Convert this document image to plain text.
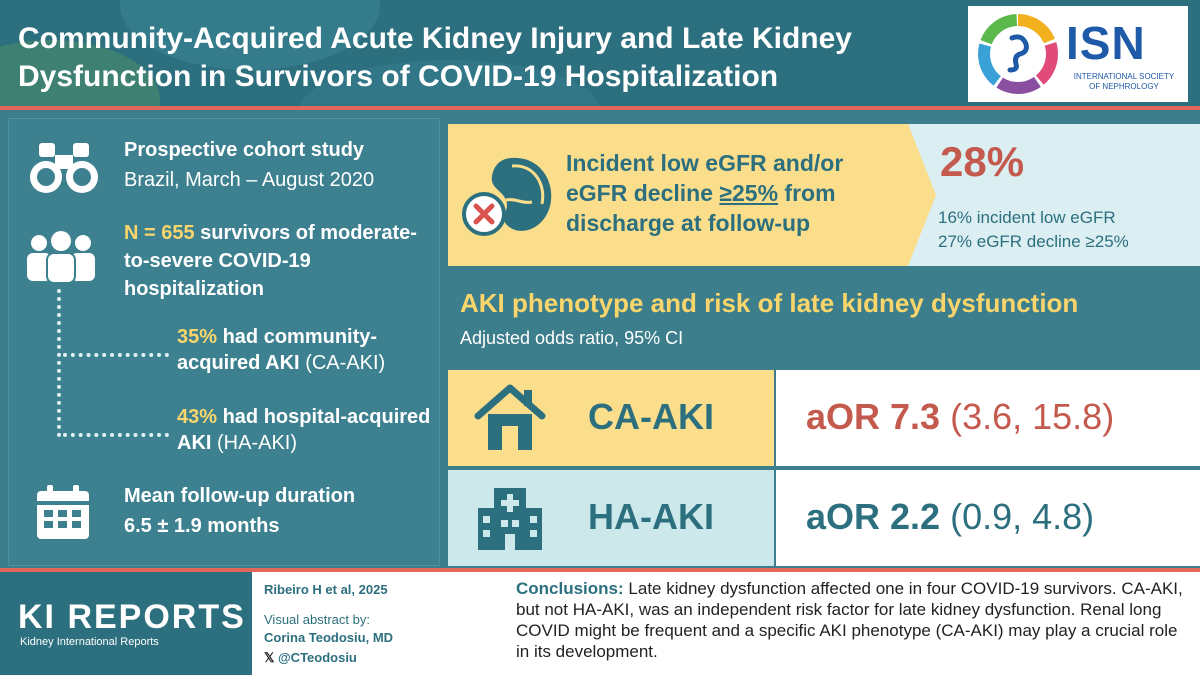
Community-Acquired Acute Kidney Injury and Late Kidney Dysfunction in Survivors of COVID-19 Hospitalization
ISN
INTERNATIONAL SOCIETY OF NEPHROLOGY
Prospective cohort study
Brazil, March – August 2020
N = 655 survivors of moderate-to-severe COVID-19 hospitalization
35% had community-acquired AKI (CA-AKI)
43% had hospital-acquired AKI (HA-AKI)
Mean follow-up duration
6.5 ± 1.9 months
Incident low eGFR and/or eGFR decline ≥25% from discharge at follow-up
28%
16% incident low eGFR
27% eGFR decline ≥25%
AKI phenotype and risk of late kidney dysfunction
Adjusted odds ratio, 95% CI
CA-AKI	aOR 7.3 (3.6, 15.8)
HA-AKI	aOR 2.2 (0.9, 4.8)
KI REPORTS
Kidney International Reports
Ribeiro H et al, 2025
Visual abstract by:
Corina Teodosiu, MD
𝕏 @CTeodosiu
Conclusions: Late kidney dysfunction affected one in four COVID-19 survivors. CA-AKI, but not HA-AKI, was an independent risk factor for late kidney dysfunction. Renal long COVID might be frequent and a specific AKI phenotype (CA-AKI) may play a crucial role in its development.
